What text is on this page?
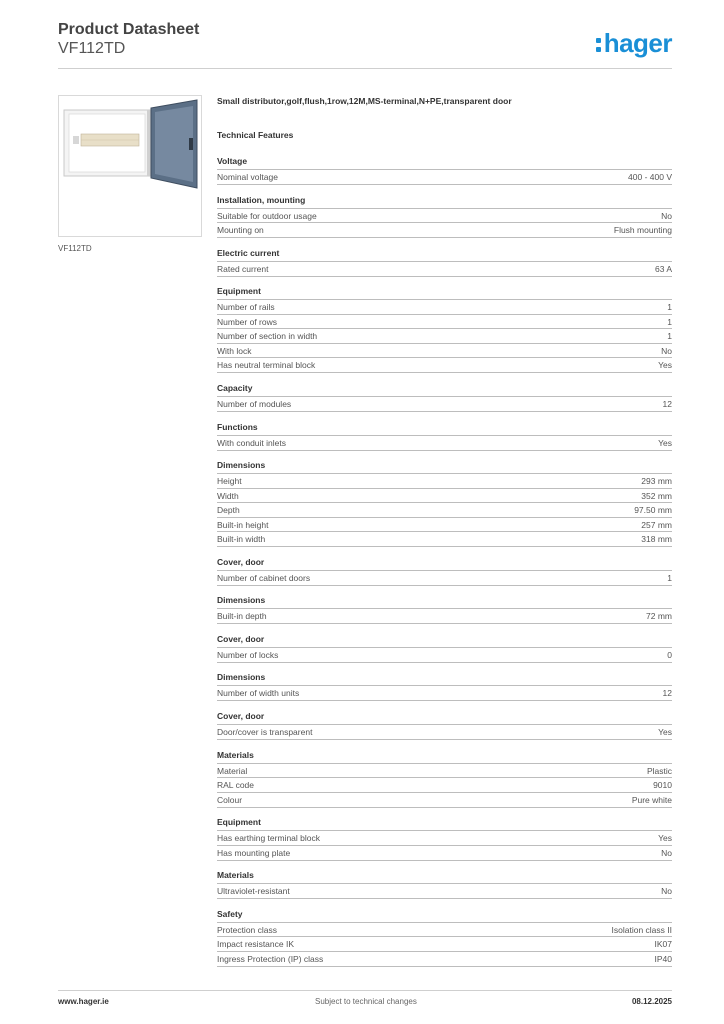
Product Datasheet
VF112TD	hager
VF112TD
Small distributor,golf,flush,1row,12M,MS-terminal,N+PE,transparent door
Technical Features
Voltage
Nominal voltage	400 - 400 V
Installation, mounting
Suitable for outdoor usage	No
Mounting on	Flush mounting
Electric current
Rated current	63 A
Equipment
Number of rails	1
Number of rows	1
Number of section in width	1
With lock	No
Has neutral terminal block	Yes
Capacity
Number of modules	12
Functions
With conduit inlets	Yes
Dimensions
Height	293 mm
Width	352 mm
Depth	97.50 mm
Built-in height	257 mm
Built-in width	318 mm
Cover, door
Number of cabinet doors	1
Dimensions
Built-in depth	72 mm
Cover, door
Number of locks	0
Dimensions
Number of width units	12
Cover, door
Door/cover is transparent	Yes
Materials
Material	Plastic
RAL code	9010
Colour	Pure white
Equipment
Has earthing terminal block	Yes
Has mounting plate	No
Materials
Ultraviolet-resistant	No
Safety
Protection class	Isolation class II
Impact resistance IK	IK07
Ingress Protection (IP) class	IP40
www.hager.ie	Subject to technical changes	08.12.2025
